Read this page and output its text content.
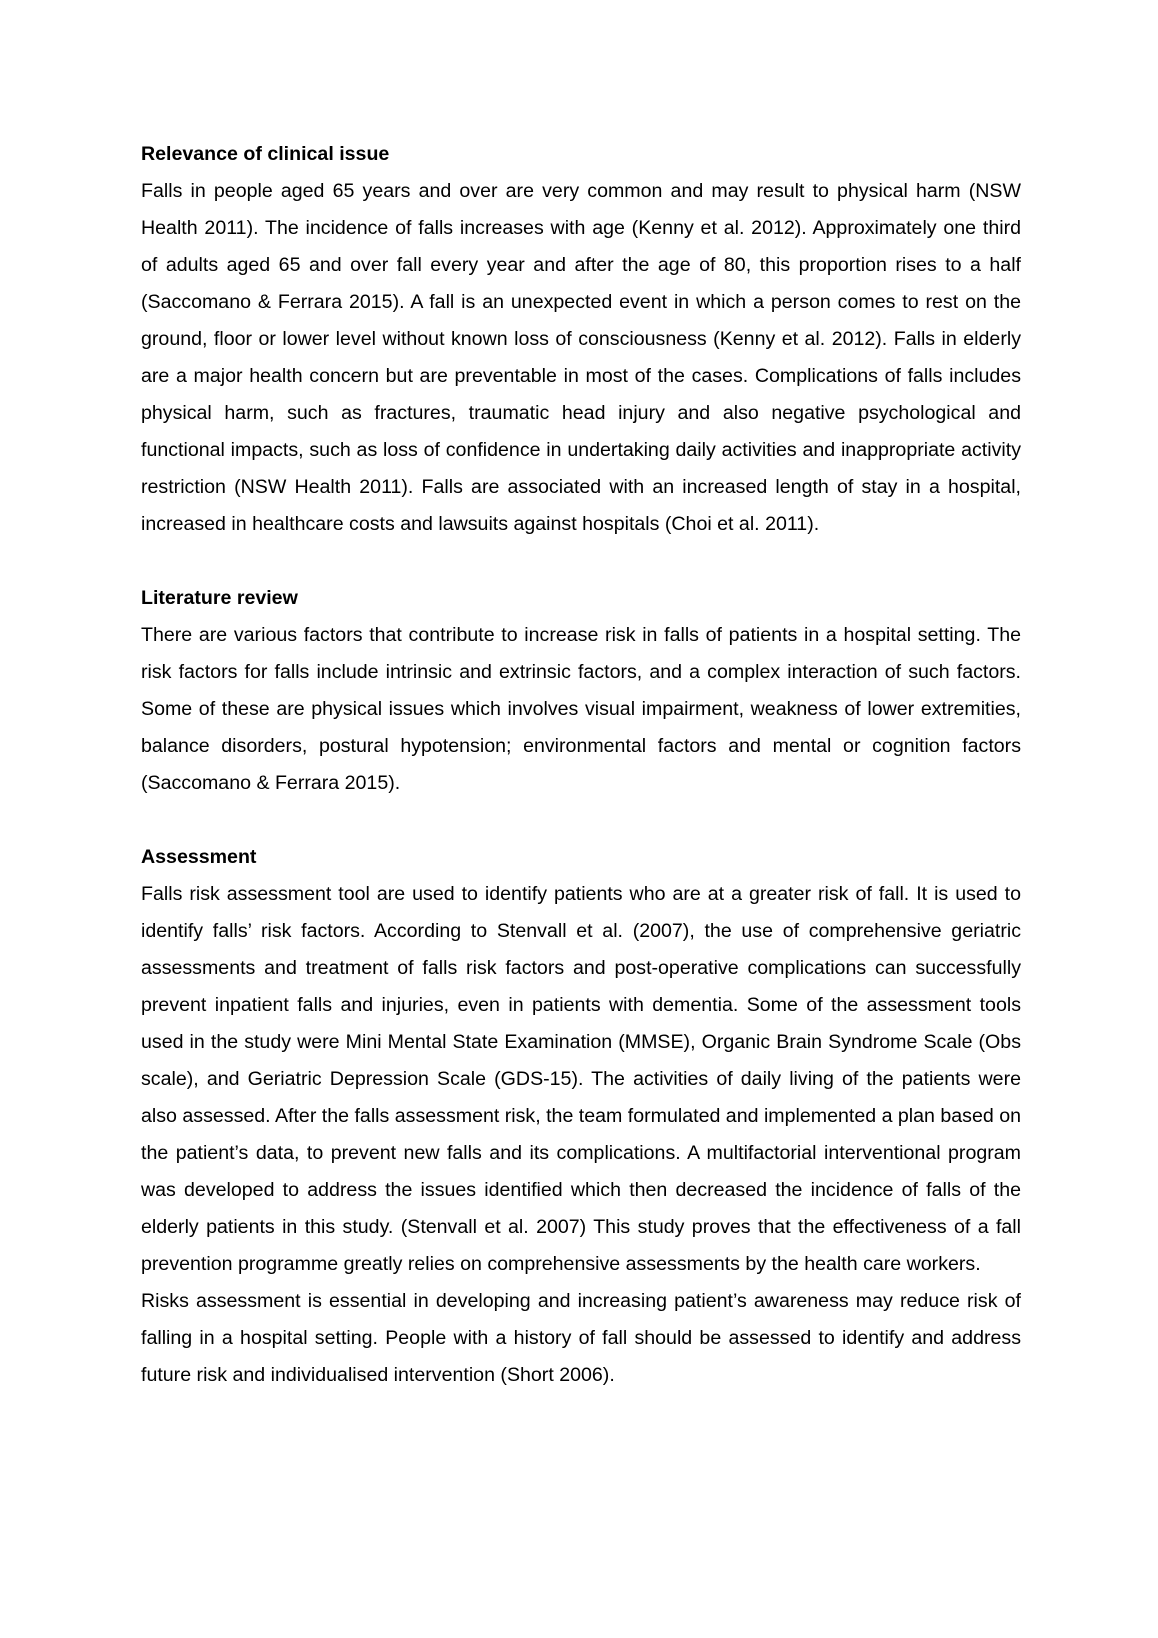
Relevance of clinical issue

Falls in people aged 65 years and over are very common and may result to physical harm (NSW Health 2011). The incidence of falls increases with age (Kenny et al. 2012). Approximately one third of adults aged 65 and over fall every year and after the age of 80, this proportion rises to a half (Saccomano & Ferrara 2015). A fall is an unexpected event in which a person comes to rest on the ground, floor or lower level without known loss of consciousness (Kenny et al. 2012). Falls in elderly are a major health concern but are preventable in most of the cases. Complications of falls includes physical harm, such as fractures, traumatic head injury and also negative psychological and functional impacts, such as loss of confidence in undertaking daily activities and inappropriate activity restriction (NSW Health 2011). Falls are associated with an increased length of stay in a hospital, increased in healthcare costs and lawsuits against hospitals (Choi et al. 2011).

Literature review

There are various factors that contribute to increase risk in falls of patients in a hospital setting. The risk factors for falls include intrinsic and extrinsic factors, and a complex interaction of such factors. Some of these are physical issues which involves visual impairment, weakness of lower extremities, balance disorders, postural hypotension; environmental factors and mental or cognition factors (Saccomano & Ferrara 2015).

Assessment

Falls risk assessment tool are used to identify patients who are at a greater risk of fall. It is used to identify falls’ risk factors. According to Stenvall et al. (2007), the use of comprehensive geriatric assessments and treatment of falls risk factors and post-operative complications can successfully prevent inpatient falls and injuries, even in patients with dementia. Some of the assessment tools used in the study were Mini Mental State Examination (MMSE), Organic Brain Syndrome Scale (Obs scale), and Geriatric Depression Scale (GDS-15). The activities of daily living of the patients were also assessed. After the falls assessment risk, the team formulated and implemented a plan based on the patient’s data, to prevent new falls and its complications. A multifactorial interventional program was developed to address the issues identified which then decreased the incidence of falls of the elderly patients in this study. (Stenvall et al. 2007) This study proves that the effectiveness of a fall prevention programme greatly relies on comprehensive assessments by the health care workers.

Risks assessment is essential in developing and increasing patient’s awareness may reduce risk of falling in a hospital setting. People with a history of fall should be assessed to identify and address future risk and individualised intervention (Short 2006).
